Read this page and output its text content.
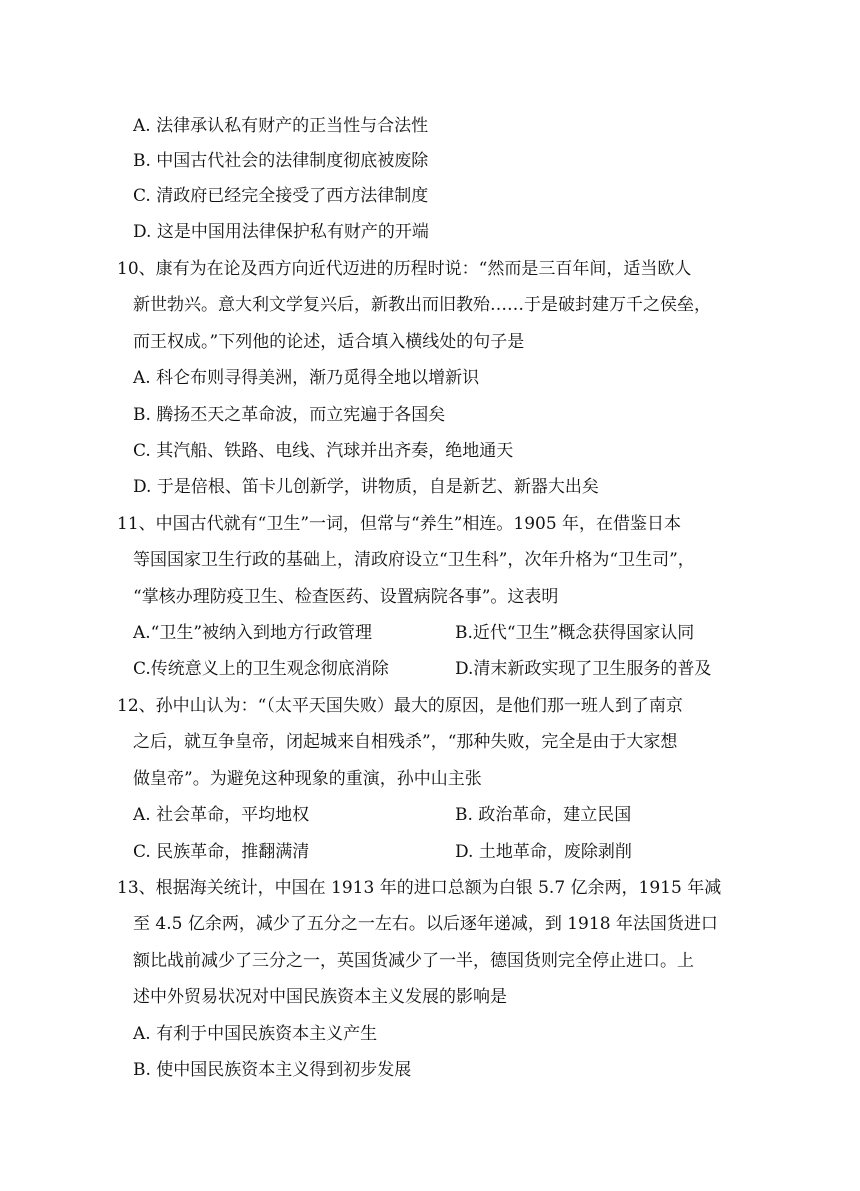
A. 法律承认私有财产的正当性与合法性
B. 中国古代社会的法律制度彻底被废除
C. 清政府已经完全接受了西方法律制度
D. 这是中国用法律保护私有财产的开端
10、康有为在论及西方向近代迈进的历程时说：“然而是三百年间，适当欧人
新世勃兴。意大利文学复兴后，新教出而旧教殆……于是破封建万千之侯垒，
而王权成。”下列他的论述，适合填入横线处的句子是
A. 科仑布则寻得美洲，渐乃觅得全地以增新识
B. 腾扬丕天之革命波，而立宪遍于各国矣
C. 其汽船、铁路、电线、汽球并出齐奏，绝地通天
D. 于是倍根、笛卡儿创新学，讲物质，自是新艺、新器大出矣
11、中国古代就有“卫生”一词，但常与“养生”相连。1905 年，在借鉴日本
等国国家卫生行政的基础上，清政府设立“卫生科”，次年升格为“卫生司”，
“掌核办理防疫卫生、检查医药、设置病院各事”。这表明
A.“卫生”被纳入到地方行政管理	B.近代“卫生”概念获得国家认同
C.传统意义上的卫生观念彻底消除	D.清末新政实现了卫生服务的普及
12、孙中山认为：“（太平天国失败）最大的原因，是他们那一班人到了南京
之后，就互争皇帝，闭起城来自相残杀”，“那种失败，完全是由于大家想
做皇帝”。为避免这种现象的重演，孙中山主张
A. 社会革命，平均地权	B. 政治革命，建立民国
C. 民族革命，推翻满清	D. 土地革命，废除剥削
13、根据海关统计，中国在 1913 年的进口总额为白银 5.7 亿余两，1915 年减
至 4.5 亿余两，减少了五分之一左右。以后逐年递减，到 1918 年法国货进口
额比战前减少了三分之一，英国货减少了一半，德国货则完全停止进口。上
述中外贸易状况对中国民族资本主义发展的影响是
A. 有利于中国民族资本主义产生
B. 使中国民族资本主义得到初步发展
